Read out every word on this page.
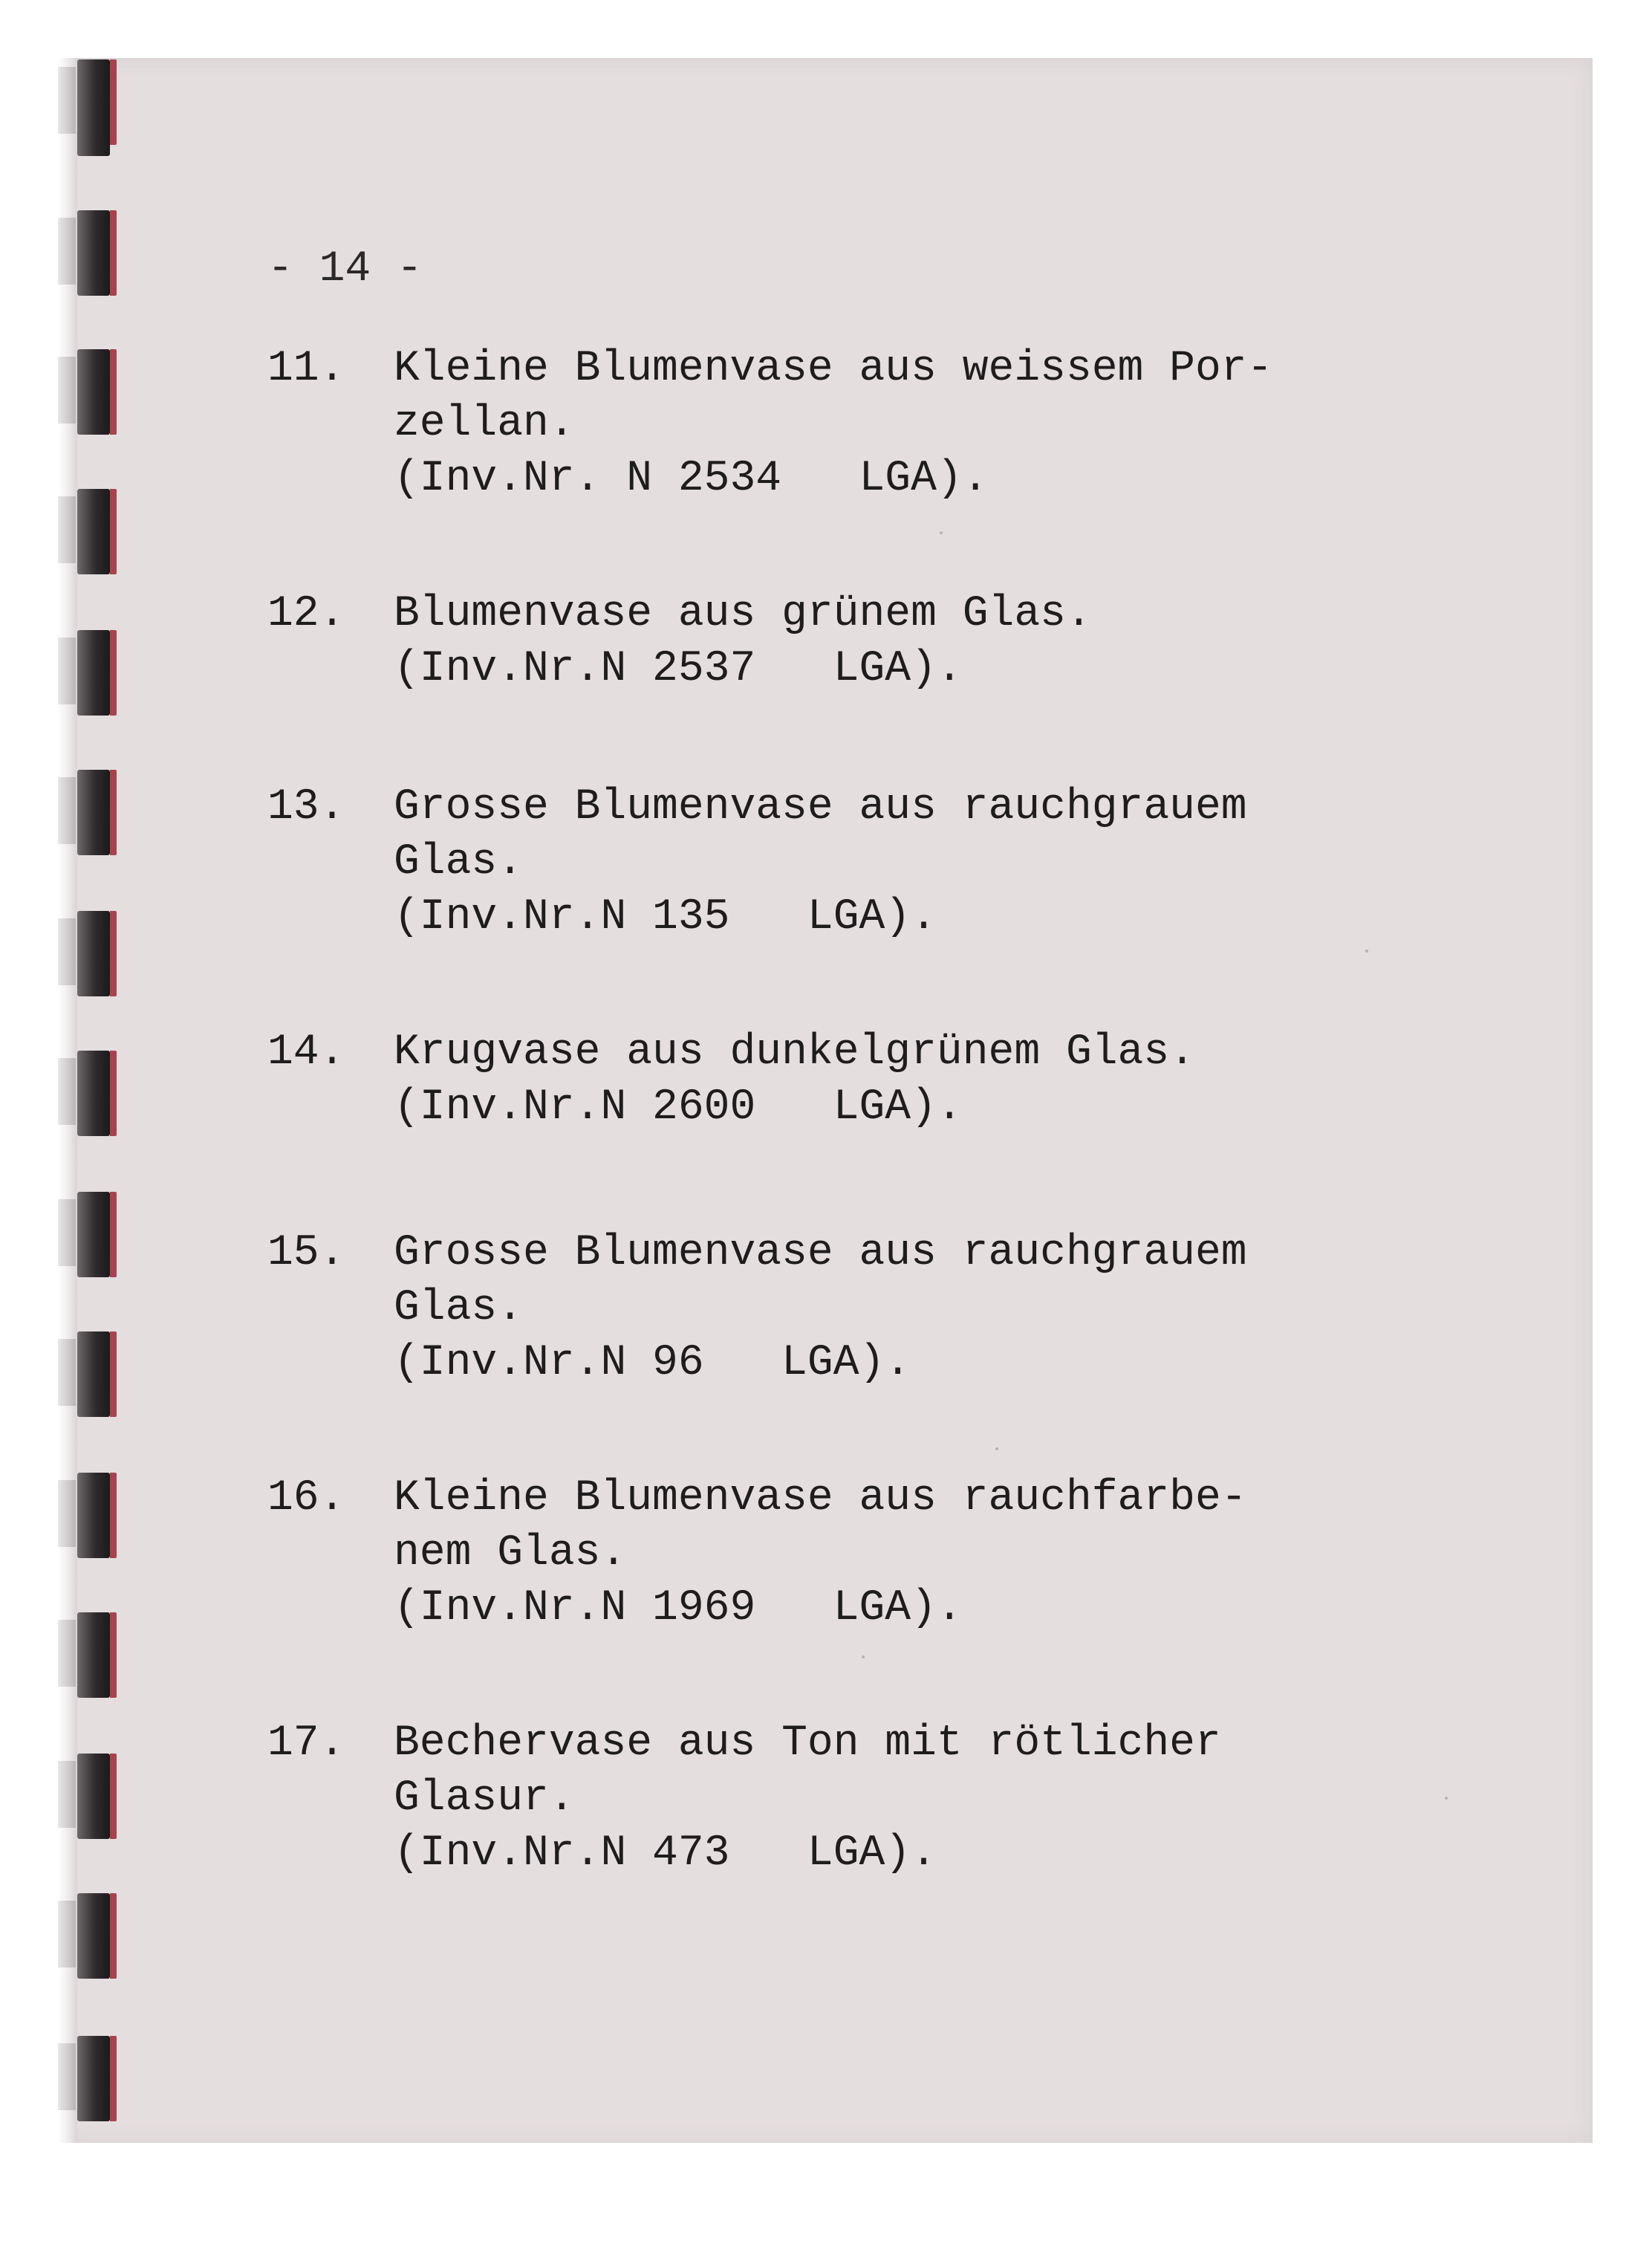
- 14 -
11. Kleine Blumenvase aus weissem Por-
zellan.
(Inv.Nr. N 2534   LGA).
12. Blumenvase aus grünem Glas.
(Inv.Nr.N 2537   LGA).
13. Grosse Blumenvase aus rauchgrauem
Glas.
(Inv.Nr.N 135   LGA).
14. Krugvase aus dunkelgrünem Glas.
(Inv.Nr.N 2600   LGA).
15. Grosse Blumenvase aus rauchgrauem
Glas.
(Inv.Nr.N 96   LGA).
16. Kleine Blumenvase aus rauchfarbe-
nem Glas.
(Inv.Nr.N 1969   LGA).
17. Bechervase aus Ton mit rötlicher
Glasur.
(Inv.Nr.N 473   LGA).
